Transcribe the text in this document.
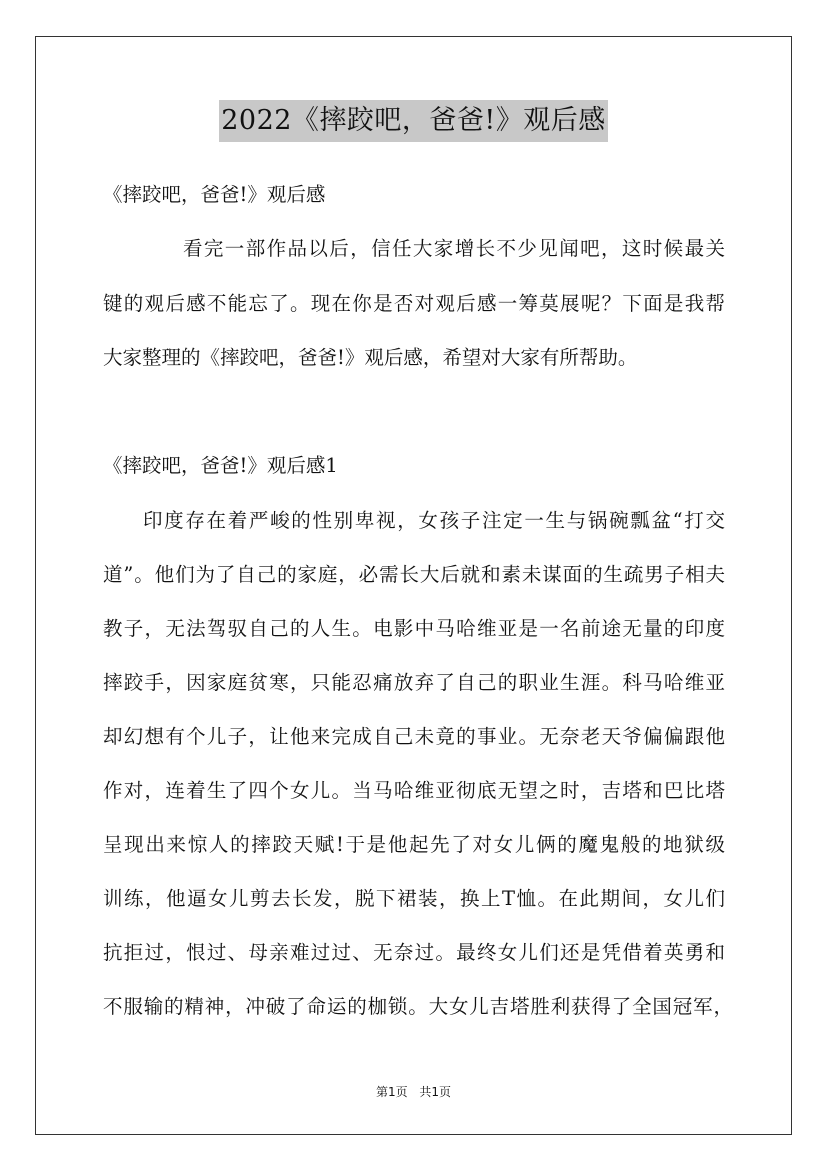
2022《摔跤吧，爸爸!》观后感
《摔跤吧，爸爸!》观后感
看完一部作品以后，信任大家增长不少见闻吧，这时候最关
键的观后感不能忘了。现在你是否对观后感一筹莫展呢？下面是我帮
大家整理的《摔跤吧，爸爸!》观后感，希望对大家有所帮助。
《摔跤吧，爸爸!》观后感1
印度存在着严峻的性别卑视，女孩子注定一生与锅碗瓢盆“打交
道”。他们为了自己的家庭，必需长大后就和素未谋面的生疏男子相夫
教子，无法驾驭自己的人生。电影中马哈维亚是一名前途无量的印度
摔跤手，因家庭贫寒，只能忍痛放弃了自己的职业生涯。科马哈维亚
却幻想有个儿子，让他来完成自己未竟的事业。无奈老天爷偏偏跟他
作对，连着生了四个女儿。当马哈维亚彻底无望之时，吉塔和巴比塔
呈现出来惊人的摔跤天赋!于是他起先了对女儿俩的魔鬼般的地狱级
训练，他逼女儿剪去长发，脱下裙装，换上T恤。在此期间，女儿们
抗拒过，恨过、母亲难过过、无奈过。最终女儿们还是凭借着英勇和
不服输的精神，冲破了命运的枷锁。大女儿吉塔胜利获得了全国冠军，
第1页 共1页
